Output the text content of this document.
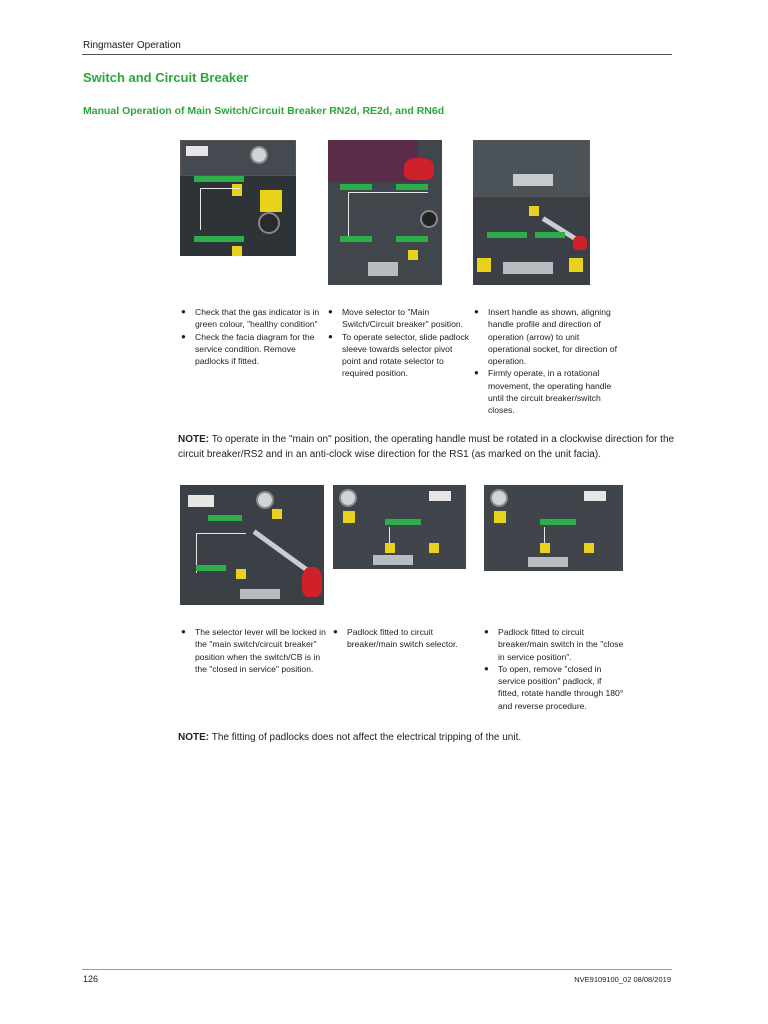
Ringmaster Operation
Switch and Circuit Breaker
Manual Operation of Main Switch/Circuit Breaker RN2d, RE2d, and RN6d
● Check that the gas indicator is in green colour, "healthy condition"
● Check the facia diagram for the service condition. Remove padlocks if fitted.
● Move selector to "Main Switch/Circuit breaker" position.
● To operate selector, slide padlock sleeve towards selector pivot point and rotate selector to required position.
● Insert handle as shown, aligning handle profile and direction of operation (arrow) to unit operational socket, for direction of operation.
● Firmly operate, in a rotational movement, the operating handle until the circuit breaker/switch closes.
NOTE: To operate in the "main on" position, the operating handle must be rotated in a clockwise direction for the circuit breaker/RS2 and in an anti-clock wise direction for the RS1 (as marked on the unit facia).
● The selector lever will be locked in the "main switch/circuit breaker" position when the switch/CB is in the "closed in service" position.
● Padlock fitted to circuit breaker/main switch selector.
● Padlock fitted to circuit breaker/main switch in the "close in service position".
● To open, remove "closed in service position" padlock, if fitted, rotate handle through 180° and reverse procedure.
NOTE: The fitting of padlocks does not affect the electrical tripping of the unit.
126	NVE9109100_02 08/08/2019
